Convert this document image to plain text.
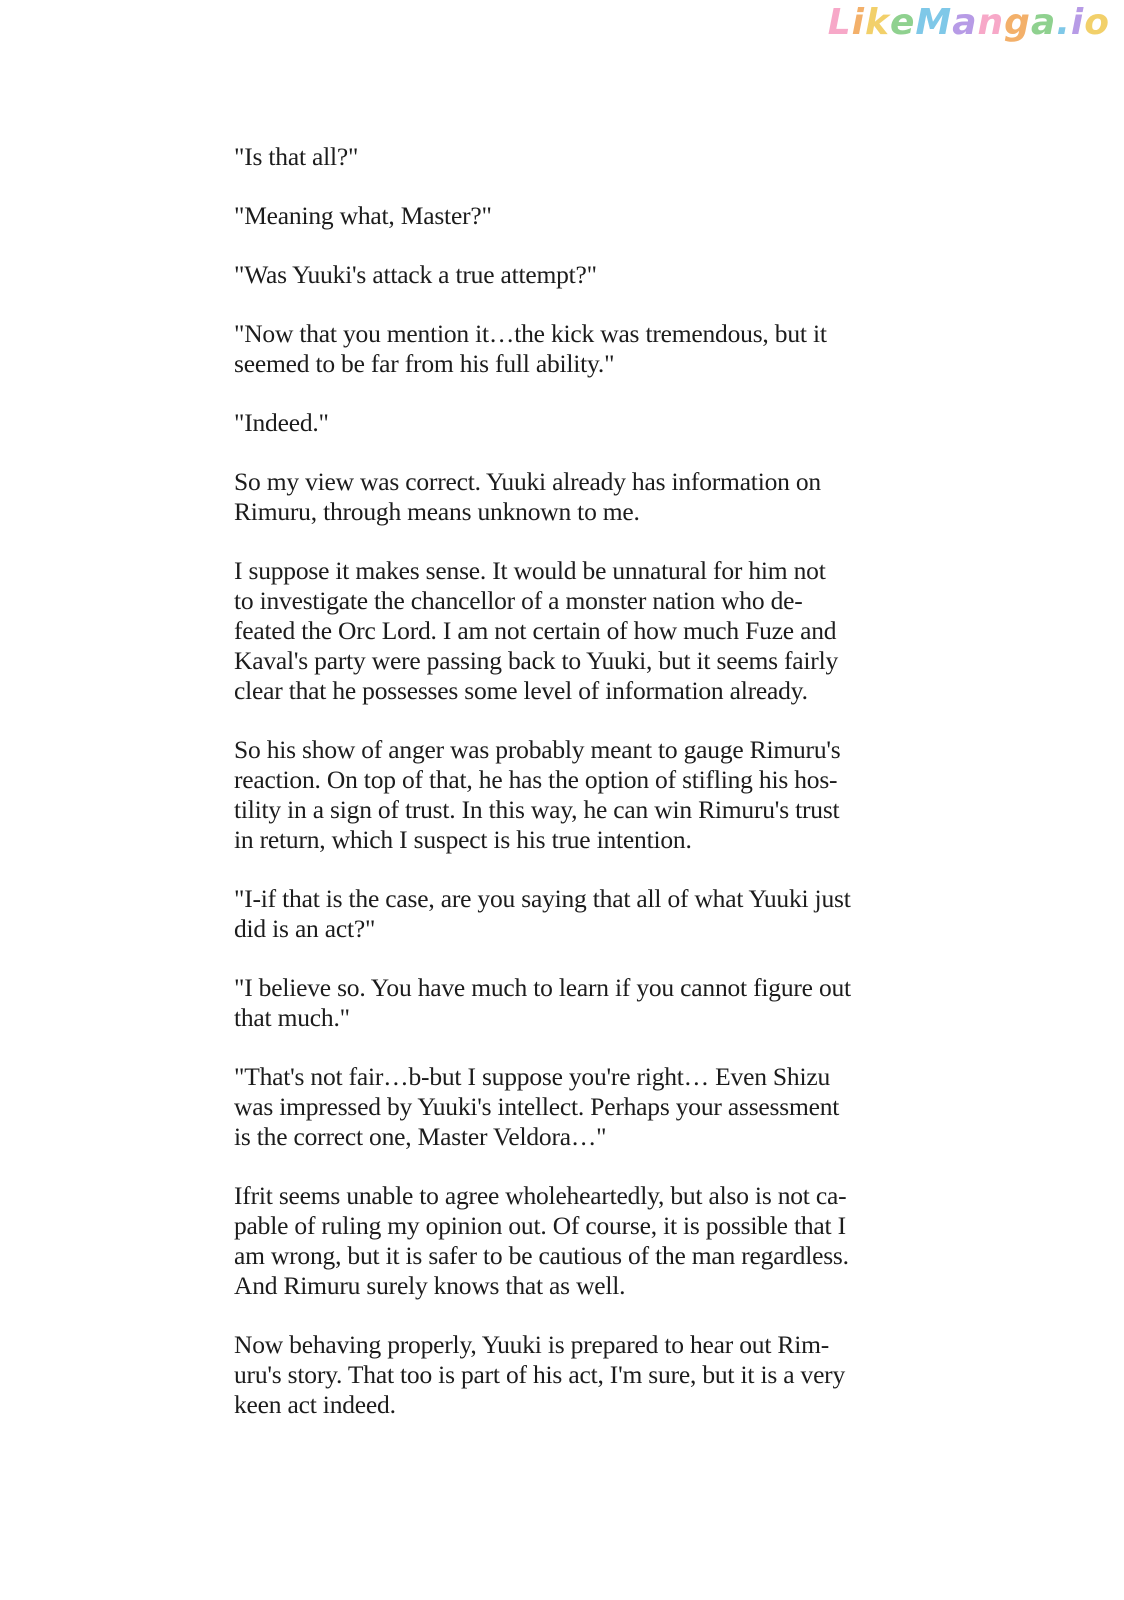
LikeManga.io

"Is that all?"

"Meaning what, Master?"

"Was Yuuki's attack a true attempt?"

"Now that you mention it…the kick was tremendous, but it
seemed to be far from his full ability."

"Indeed."

So my view was correct. Yuuki already has information on
Rimuru, through means unknown to me.

I suppose it makes sense. It would be unnatural for him not
to investigate the chancellor of a monster nation who de-
feated the Orc Lord. I am not certain of how much Fuze and
Kaval's party were passing back to Yuuki, but it seems fairly
clear that he possesses some level of information already.

So his show of anger was probably meant to gauge Rimuru's
reaction. On top of that, he has the option of stifling his hos-
tility in a sign of trust. In this way, he can win Rimuru's trust
in return, which I suspect is his true intention.

"I-if that is the case, are you saying that all of what Yuuki just
did is an act?"

"I believe so. You have much to learn if you cannot figure out
that much."

"That's not fair…b-but I suppose you're right… Even Shizu
was impressed by Yuuki's intellect. Perhaps your assessment
is the correct one, Master Veldora…"

Ifrit seems unable to agree wholeheartedly, but also is not ca-
pable of ruling my opinion out. Of course, it is possible that I
am wrong, but it is safer to be cautious of the man regardless.
And Rimuru surely knows that as well.

Now behaving properly, Yuuki is prepared to hear out Rim-
uru's story. That too is part of his act, I'm sure, but it is a very
keen act indeed.
